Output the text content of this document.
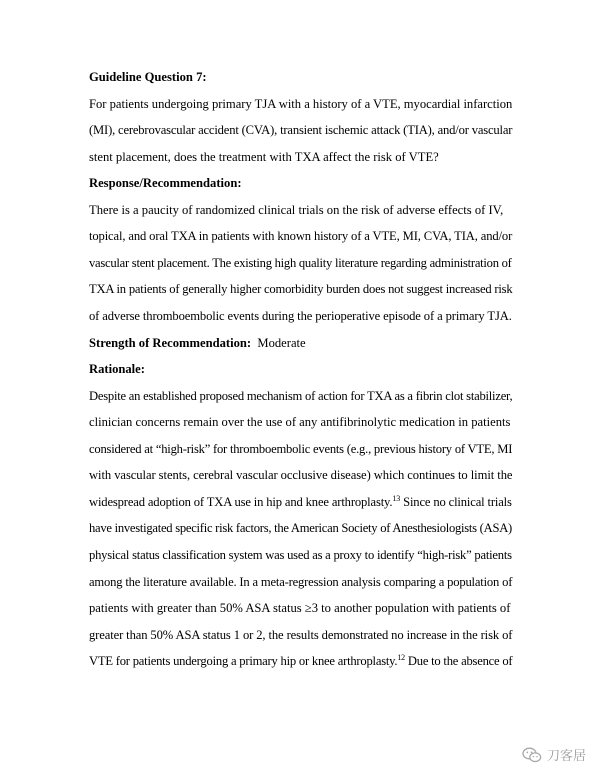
Guideline Question 7:
For patients undergoing primary TJA with a history of a VTE, myocardial infarction
(MI), cerebrovascular accident (CVA), transient ischemic attack (TIA), and/or vascular
stent placement, does the treatment with TXA affect the risk of VTE?
Response/Recommendation:
There is a paucity of randomized clinical trials on the risk of adverse effects of IV,
topical, and oral TXA in patients with known history of a VTE, MI, CVA, TIA, and/or
vascular stent placement. The existing high quality literature regarding administration of
TXA in patients of generally higher comorbidity burden does not suggest increased risk
of adverse thromboembolic events during the perioperative episode of a primary TJA.
Strength of Recommendation:  Moderate
Rationale:
Despite an established proposed mechanism of action for TXA as a fibrin clot stabilizer,
clinician concerns remain over the use of any antifibrinolytic medication in patients
considered at “high-risk” for thromboembolic events (e.g., previous history of VTE, MI
with vascular stents, cerebral vascular occlusive disease) which continues to limit the
widespread adoption of TXA use in hip and knee arthroplasty.$^{13}$ Since no clinical trials
have investigated specific risk factors, the American Society of Anesthesiologists (ASA)
physical status classification system was used as a proxy to identify “high-risk” patients
among the literature available. In a meta-regression analysis comparing a population of
patients with greater than 50% ASA status ≥3 to another population with patients of
greater than 50% ASA status 1 or 2, the results demonstrated no increase in the risk of
VTE for patients undergoing a primary hip or knee arthroplasty.$^{12}$ Due to the absence of
刀客居
